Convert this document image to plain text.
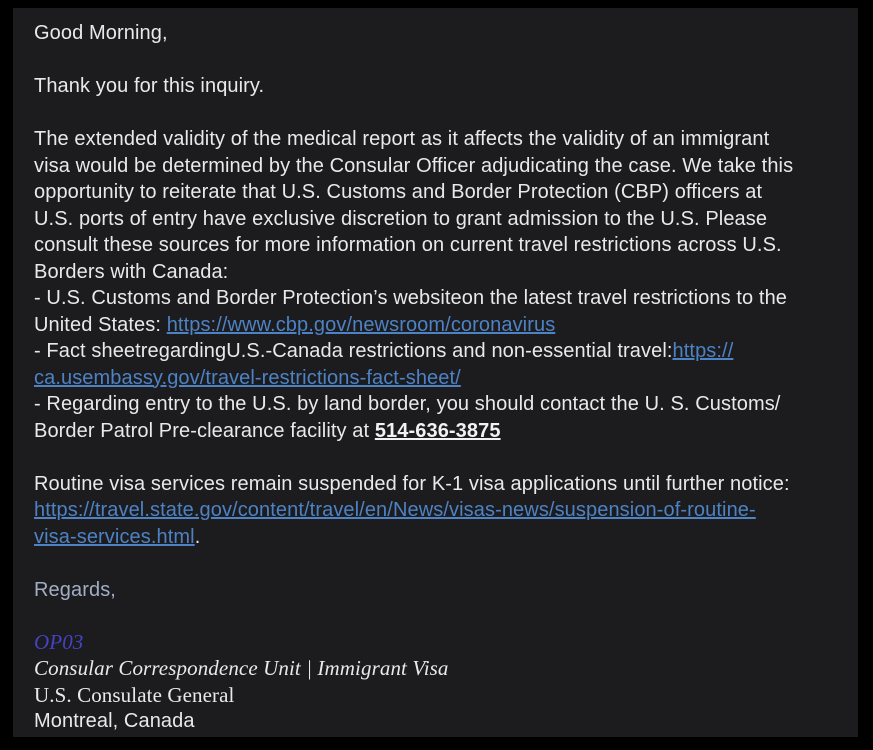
Good Morning,

Thank you for this inquiry.

The extended validity of the medical report as it affects the validity of an immigrant
visa would be determined by the Consular Officer adjudicating the case. We take this
opportunity to reiterate that U.S. Customs and Border Protection (CBP) officers at
U.S. ports of entry have exclusive discretion to grant admission to the U.S. Please
consult these sources for more information on current travel restrictions across U.S.
Borders with Canada:
- U.S. Customs and Border Protection’s websiteon the latest travel restrictions to the
United States: https://www.cbp.gov/newsroom/coronavirus
- Fact sheetregardingU.S.-Canada restrictions and non-essential travel:https://
ca.usembassy.gov/travel-restrictions-fact-sheet/
- Regarding entry to the U.S. by land border, you should contact the U. S. Customs/
Border Patrol Pre-clearance facility at 514-636-3875

Routine visa services remain suspended for K-1 visa applications until further notice:
https://travel.state.gov/content/travel/en/News/visas-news/suspension-of-routine-
visa-services.html.

Regards,

OP03
Consular Correspondence Unit | Immigrant Visa
U.S. Consulate General
Montreal, Canada
